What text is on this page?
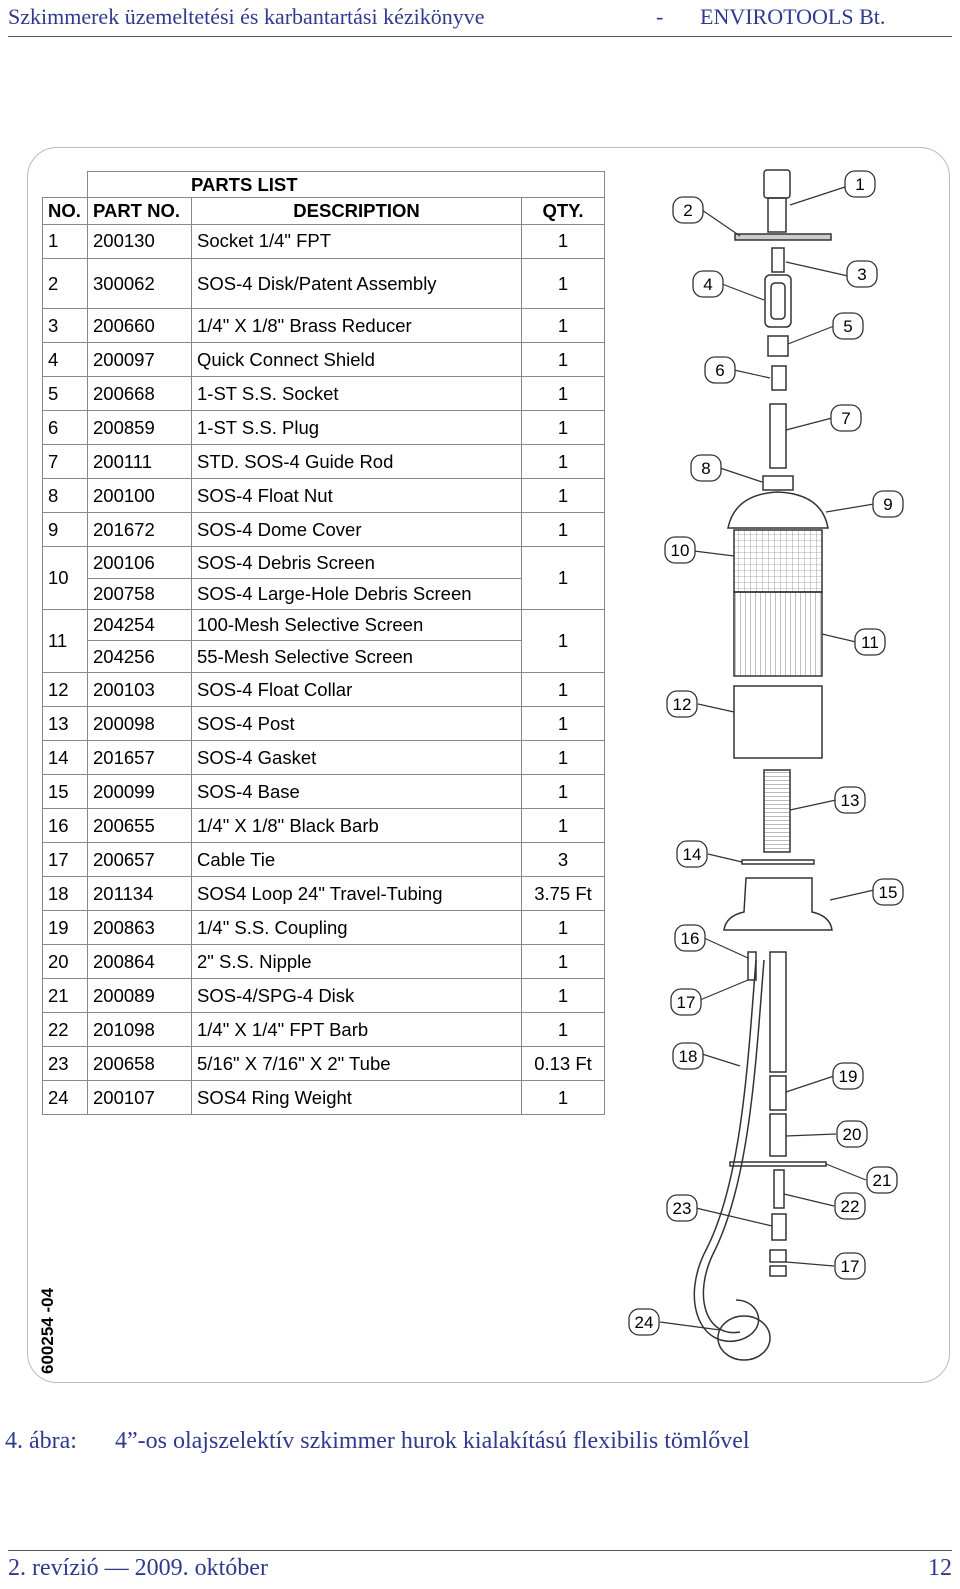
Szkimmerek üzemeltetési és karbantartási kézikönyve	- ENVIROTOOLS Bt.
	PARTS LIST		
NO.	PART NO.	DESCRIPTION	QTY.
1	200130	Socket 1/4" FPT	1
2	300062	SOS-4 Disk/Patent Assembly	1
3	200660	1/4" X 1/8" Brass Reducer	1
4	200097	Quick Connect Shield	1
5	200668	1-ST S.S. Socket	1
6	200859	1-ST S.S. Plug	1
7	200111	STD. SOS-4 Guide Rod	1
8	200100	SOS-4 Float Nut	1
9	201672	SOS-4 Dome Cover	1
10	200106	SOS-4 Debris Screen	1
	200758	SOS-4 Large-Hole Debris Screen	
11	204254	100-Mesh Selective Screen	1
	204256	55-Mesh Selective Screen	
12	200103	SOS-4 Float Collar	1
13	200098	SOS-4 Post	1
14	201657	SOS-4 Gasket	1
15	200099	SOS-4 Base	1
16	200655	1/4" X 1/8" Black Barb	1
17	200657	Cable Tie	3
18	201134	SOS4 Loop 24" Travel-Tubing	3.75 Ft
19	200863	1/4" S.S. Coupling	1
20	200864	2" S.S. Nipple	1
21	200089	SOS-4/SPG-4 Disk	1
22	201098	1/4" X 1/4" FPT Barb	1
23	200658	5/16" X 7/16" X 2" Tube	0.13 Ft
24	200107	SOS4 Ring Weight	1
600254 -04
1
2
3
4
5
6
7
8
9
10
11
12
13
14
15
16
17
18
19
20
21
22
23
17
24
4. ábra: 4”-os olajszelektív szkimmer hurok kialakítású flexibilis tömlővel
2. revízió — 2009. október	12
